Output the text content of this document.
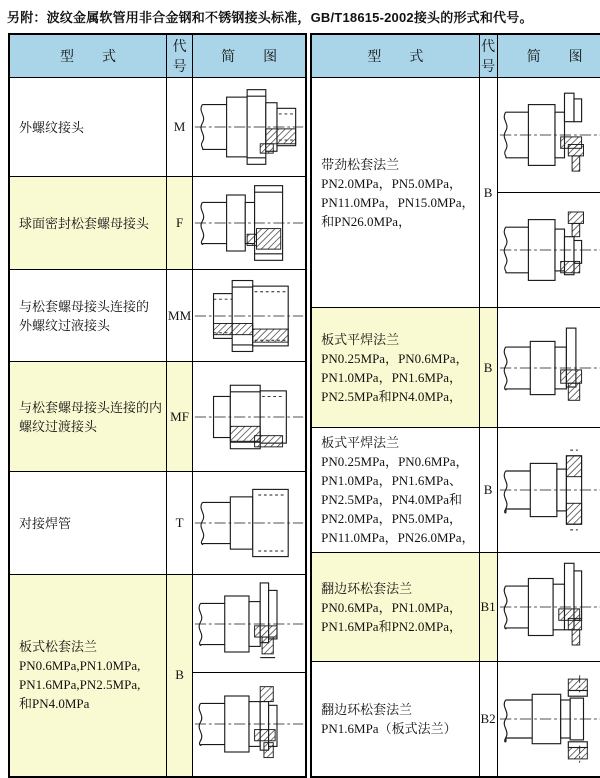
另附：波纹金属软管用非合金钢和不锈钢接头标准，GB/T18615-2002接头的形式和代号。
型　　式	代号	简　　图

外螺纹接头	M	

球面密封松套螺母接头	F	

与松套螺母接头连接的
外螺纹过液接头	MM	

与松套螺母接头连接的内
螺纹过渡接头	MF	

对接焊管	T	

板式松套法兰
PN0.6MPa,PN1.0MPa,
PN1.6MPa,PN2.5MPa,
和PN4.0MPa	B	

型　　式	代号	简　　图

带劲松套法兰
PN2.0MPa，PN5.0MPa，
PN11.0MPa，PN15.0MPa，
和PN26.0MPa，	B	

板式平焊法兰
PN0.25MPa，PN0.6MPa，
PN1.0MPa，PN1.6MPa，
PN2.5MPa和PN4.0MPa，	B	

板式平焊法兰
PN0.25MPa，PN0.6MPa，
PN1.0MPa，PN1.6MPa、
PN2.5MPa，PN4.0MPa和
PN2.0MPa，PN5.0MPa，
PN11.0MPa，PN26.0MPa，
	B	

翻边环松套法兰
PN0.6MPa，PN1.0MPa，
PN1.6MPa和PN2.0MPa，	B1	

翻边环松套法兰
PN1.6MPa（板式法兰）	B2	
